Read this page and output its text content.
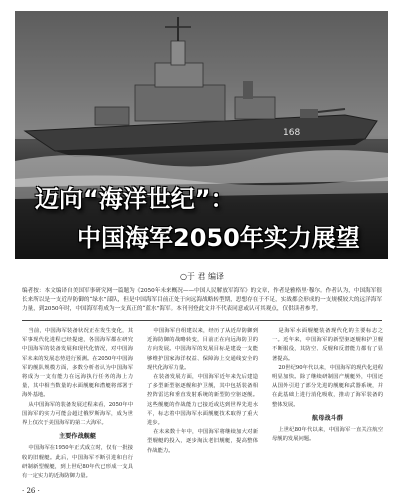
168
迈向“海洋世纪”：
中国海军2050年实力展望
○于 君 编译
编者按：本文编译自美国军事研究网一篇题为《2050年未来概况——中国人民解放军海军》的文章，作者是雅格里·穆尔。作者认为，中国海军很长来所以是一支近岸防御的“绿水”部队，但是中国海军目前正处于向远海战略转型期，思想存在于不足，实战都会形成的一支规模较大的远洋海军力量，到2050年时，中国海军将成为一支真正的“蓝水”海军。本刊刊登此文并不代表同意或认可其观点，仅供读者参考。

当前，中国海军装备状况正在发生变化，其军事现代化进程已经提速，各国海军都在研究中国海军的装备发展和现代化情况，对中国海军未来的发展态势进行预测。在2050年中国海军的舰队规模方面，多数分析者认为中国海军将成为一支有能力在远海执行任务的海上力量，其中相当数量的水面舰艇和潜艇将部署于海外基地。

从中国海军的装备发展过程来看，2050年中国海军的实力可能会超过俄罗斯海军，成为世界上仅次于美国海军的第二大海军。

主要作战舰艇

中国海军在1950年正式成立时，仅有一批接收的旧舰艇。此后，中国海军不断引进和自行研制新型舰艇，到上世纪80年代已形成一支具有一定实力的近海防御力量。

中国海军自组建以来，经历了从近岸防御到近海防御的战略转变，目前正在向远海防卫的方向发展。中国海军的发展目标是建设一支能够维护国家海洋权益、保障海上交通线安全的现代化海军力量。

在装备发展方面，中国海军近年来先后建造了多型新型驱逐舰和护卫舰，其中包括装备相控阵雷达和垂直发射系统的新型防空驱逐舰。这些舰艇的作战能力已接近或达到世界先进水平，标志着中国海军水面舰艇技术取得了重大进步。

在未来数十年中，中国海军将继续加大对新型舰艇的投入，逐步淘汰老旧舰艇，提高整体作战能力。

是海军水面舰艇装备现代化的主要标志之一。近年来，中国海军的新型驱逐舰和护卫舰不断服役，其防空、反舰和反潜能力都有了显著提高。

20世纪90年代以来，中国海军的现代化进程明显加快。除了继续研制国产舰艇外，中国还从国外引进了部分先进的舰艇和武器系统，并在此基础上进行消化吸收，推动了海军装备的整体发展。

航母战斗群

上世纪80年代以来，中国海军一直关注航空母舰的发展问题。

· 26 ·
